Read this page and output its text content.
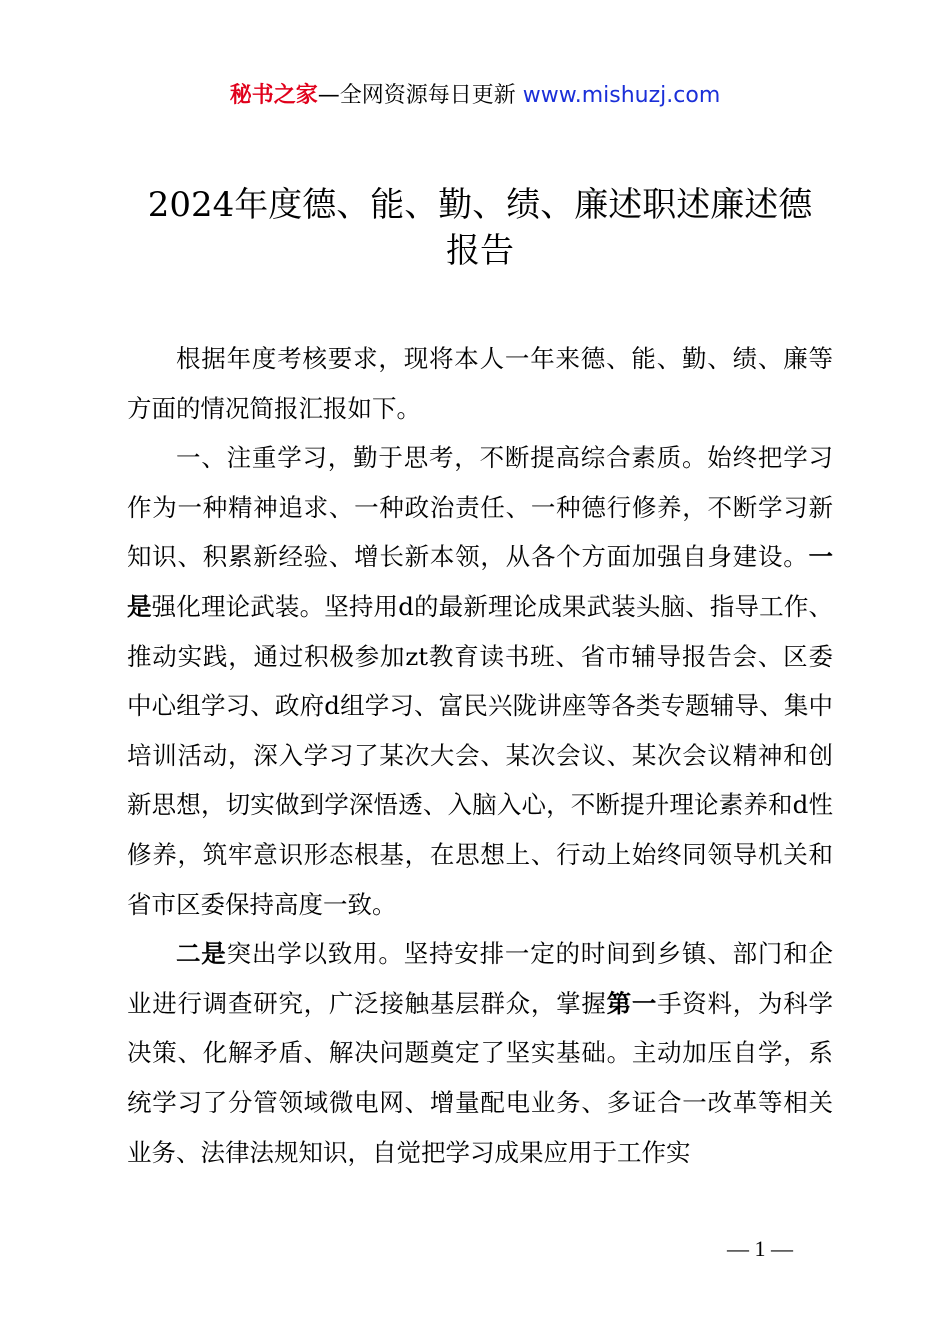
秘书之家—全网资源每日更新 www.mishuzj.com
2024年度德、能、勤、绩、廉述职述廉述德
报告

根据年度考核要求，现将本人一年来德、能、勤、绩、廉等方面的情况简报汇报如下。

一、注重学习，勤于思考，不断提高综合素质。始终把学习作为一种精神追求、一种政治责任、一种德行修养，不断学习新知识、积累新经验、增长新本领，从各个方面加强自身建设。一是强化理论武装。坚持用d的最新理论成果武装头脑、指导工作、推动实践，通过积极参加zt教育读书班、省市辅导报告会、区委中心组学习、政府d组学习、富民兴陇讲座等各类专题辅导、集中培训活动，深入学习了某次大会、某次会议、某次会议精神和创新思想，切实做到学深悟透、入脑入心，不断提升理论素养和d性修养，筑牢意识形态根基，在思想上、行动上始终同领导机关和省市区委保持高度一致。

二是突出学以致用。坚持安排一定的时间到乡镇、部门和企业进行调查研究，广泛接触基层群众，掌握第一手资料，为科学决策、化解矛盾、解决问题奠定了坚实基础。主动加压自学，系统学习了分管领域微电网、增量配电业务、多证合一改革等相关业务、法律法规知识，自觉把学习成果应用于工作实

— 1 —
